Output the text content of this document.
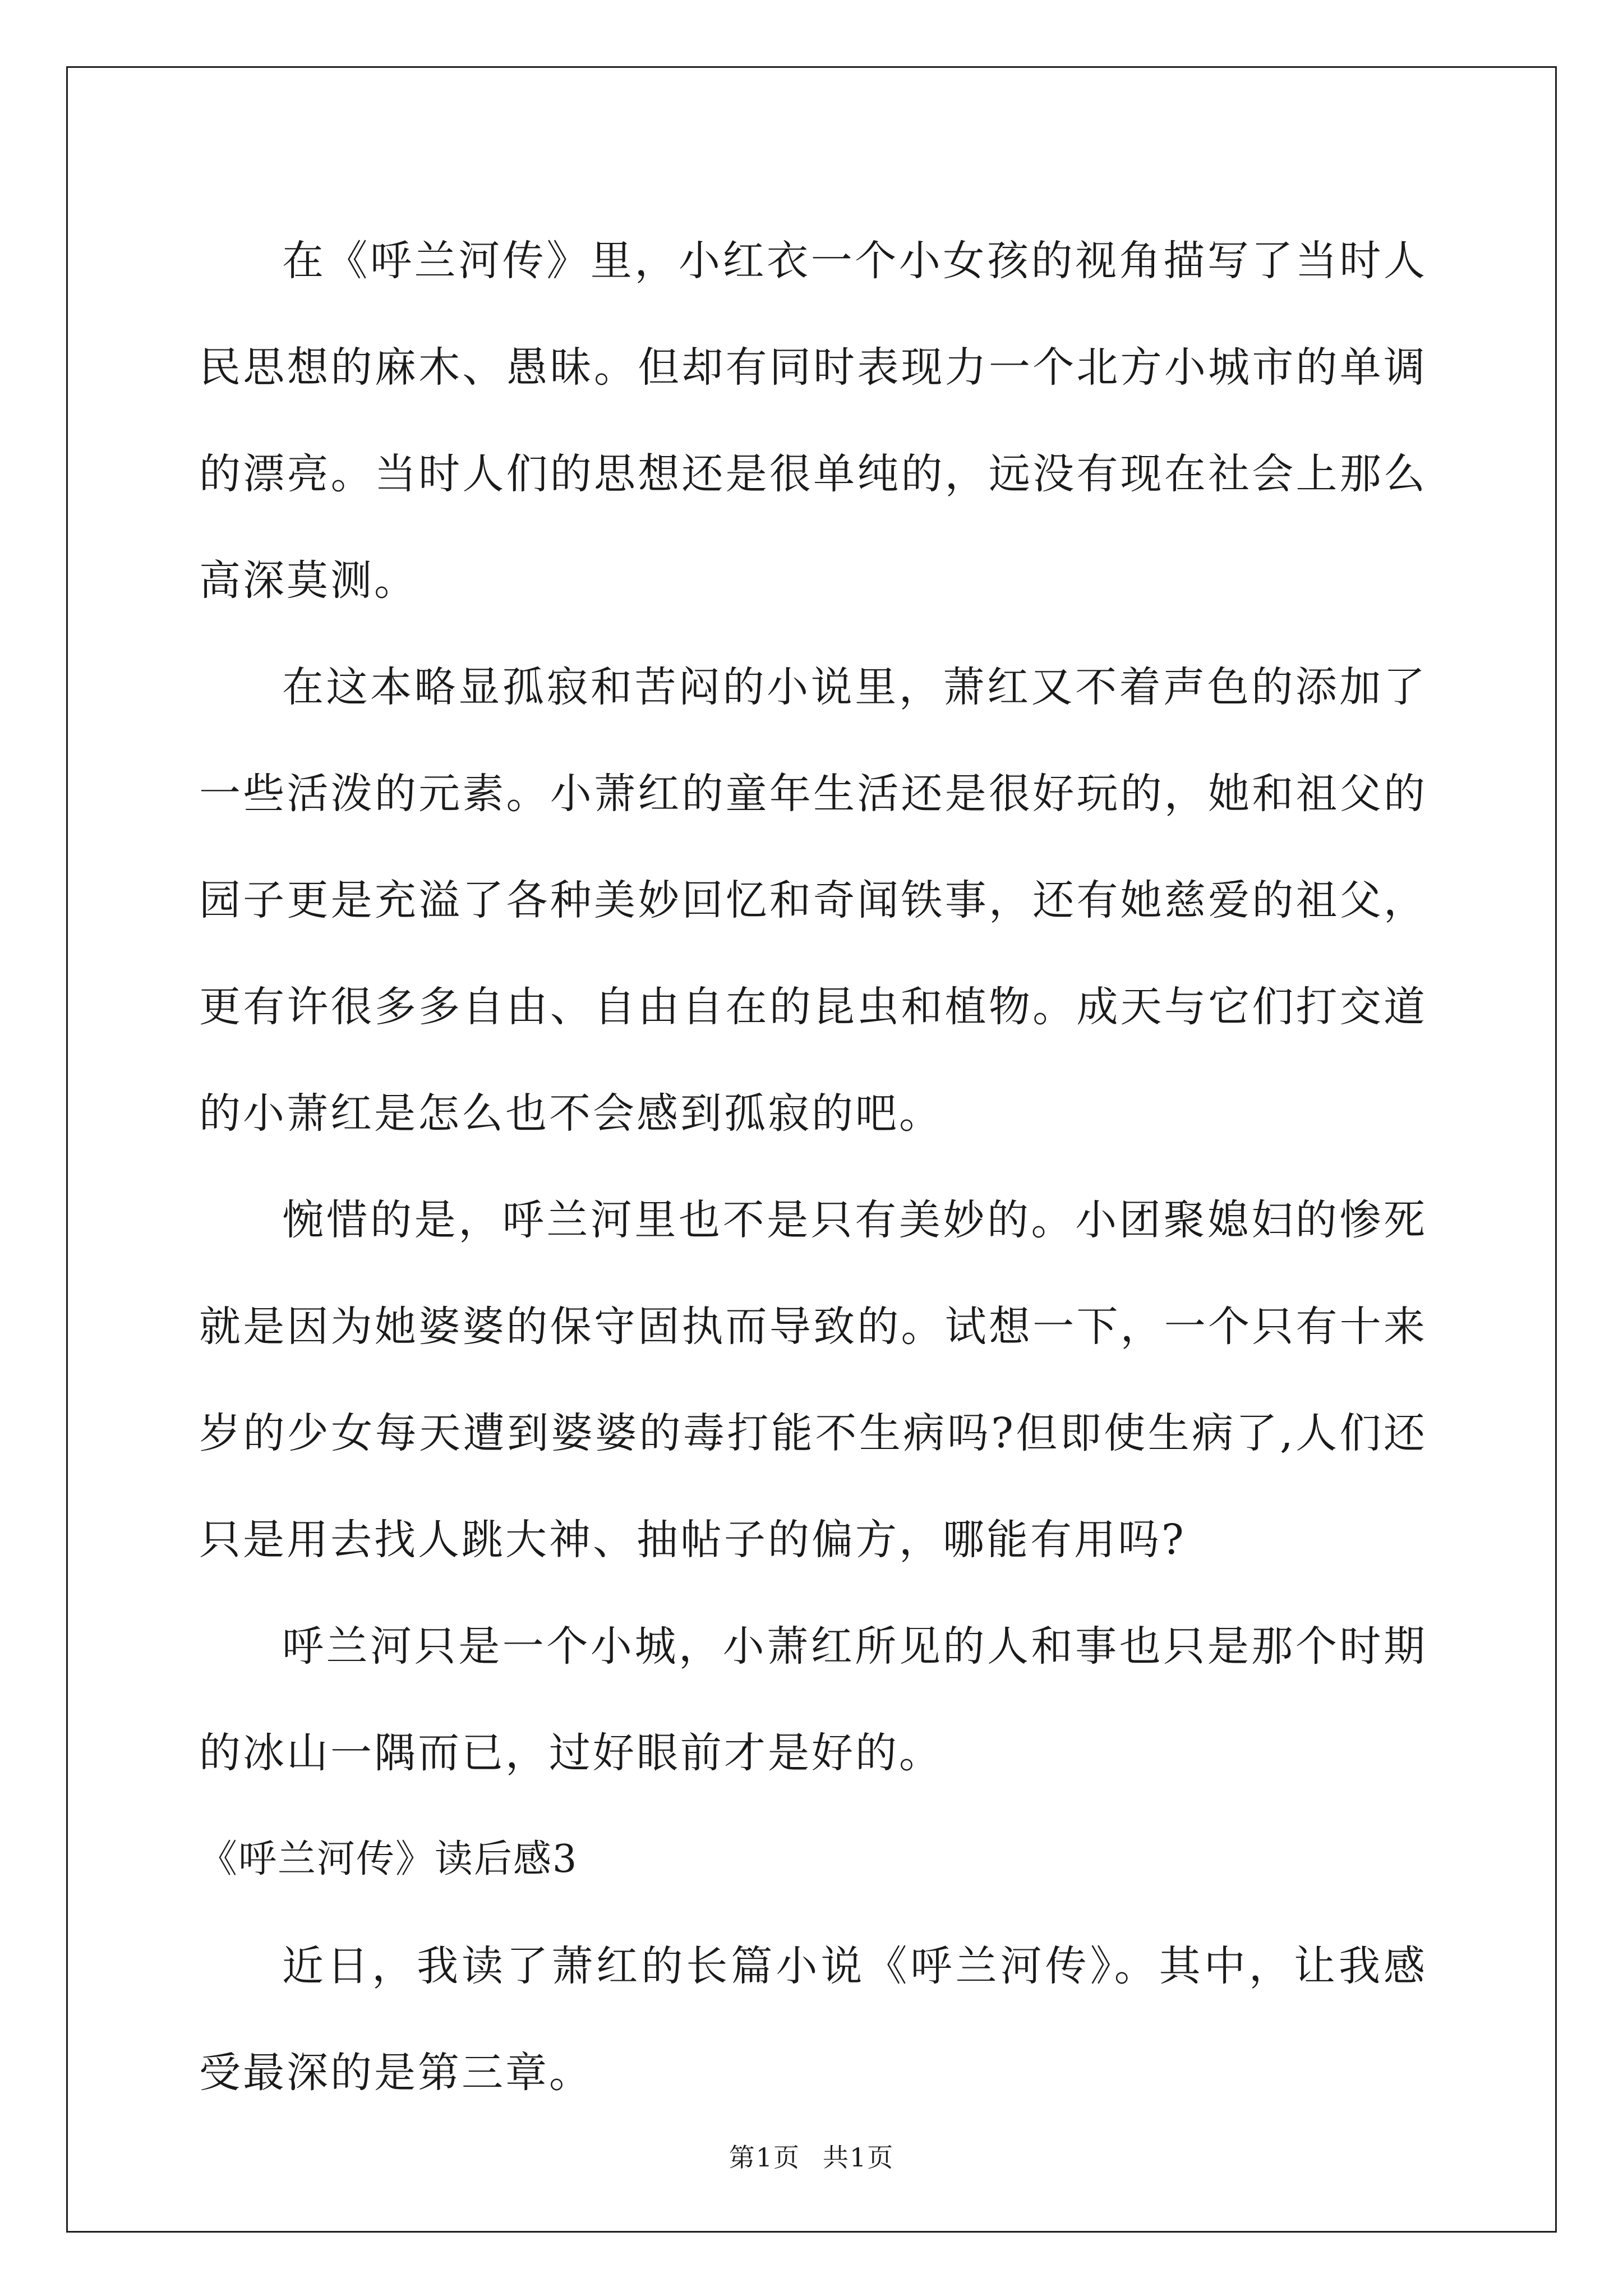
在《呼兰河传》里，小红衣一个小女孩的视角描写了当时人民思想的麻木、愚昧。但却有同时表现力一个北方小城市的单调的漂亮。当时人们的思想还是很单纯的，远没有现在社会上那么高深莫测。

在这本略显孤寂和苦闷的小说里，萧红又不着声色的添加了一些活泼的元素。小萧红的童年生活还是很好玩的，她和祖父的园子更是充溢了各种美妙回忆和奇闻铁事，还有她慈爱的祖父，更有许很多多自由、自由自在的昆虫和植物。成天与它们打交道的小萧红是怎么也不会感到孤寂的吧。

惋惜的是，呼兰河里也不是只有美妙的。小团聚媳妇的惨死就是因为她婆婆的保守固执而导致的。试想一下，一个只有十来岁的少女每天遭到婆婆的毒打能不生病吗?但即使生病了,人们还只是用去找人跳大神、抽帖子的偏方，哪能有用吗?

呼兰河只是一个小城，小萧红所见的人和事也只是那个时期的冰山一隅而已，过好眼前才是好的。

《呼兰河传》读后感3

近日，我读了萧红的长篇小说《呼兰河传》。其中，让我感受最深的是第三章。

第1页 共1页
